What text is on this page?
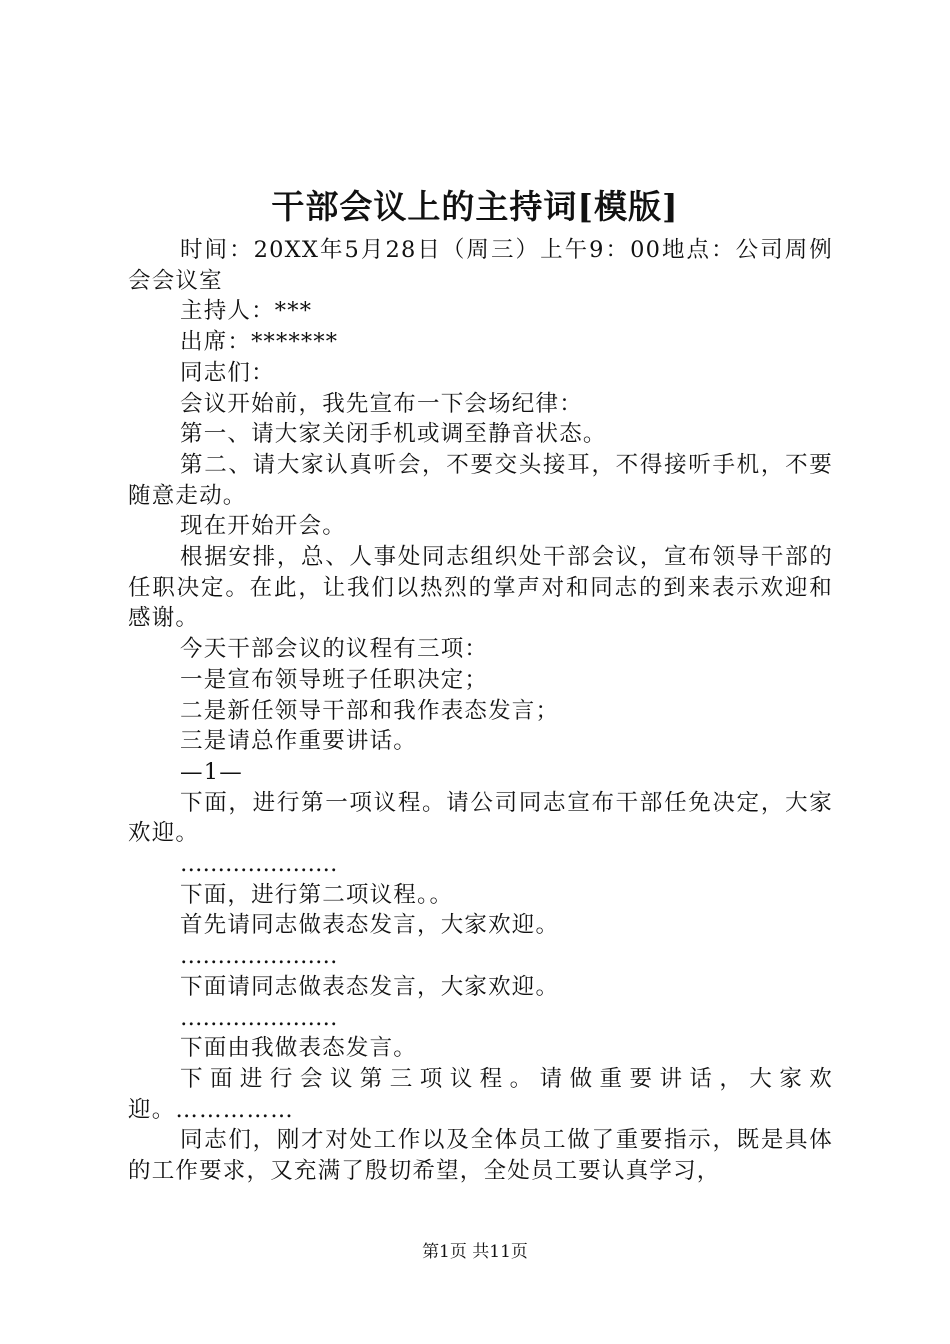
干部会议上的主持词[模版]

时间：20XX年5月28日（周三）上午9：00地点：公司周例会会议室

主持人：***

出席：*******

同志们：

会议开始前，我先宣布一下会场纪律：

第一、请大家关闭手机或调至静音状态。

第二、请大家认真听会，不要交头接耳，不得接听手机，不要随意走动。

现在开始开会。

根据安排，总、人事处同志组织处干部会议，宣布领导干部的任职决定。在此，让我们以热烈的掌声对和同志的到来表示欢迎和感谢。

今天干部会议的议程有三项：

一是宣布领导班子任职决定；

二是新任领导干部和我作表态发言；

三是请总作重要讲话。

—1—

下面，进行第一项议程。请公司同志宣布干部任免决定，大家欢迎。

…………………

下面，进行第二项议程。。

首先请同志做表态发言，大家欢迎。

…………………

下面请同志做表态发言，大家欢迎。

…………………

下面由我做表态发言。

下面进行会议第三项议程。请做重要讲话，大家欢迎。……………

同志们，刚才对处工作以及全体员工做了重要指示，既是具体的工作要求，又充满了殷切希望，全处员工要认真学习，

第1页 共11页
